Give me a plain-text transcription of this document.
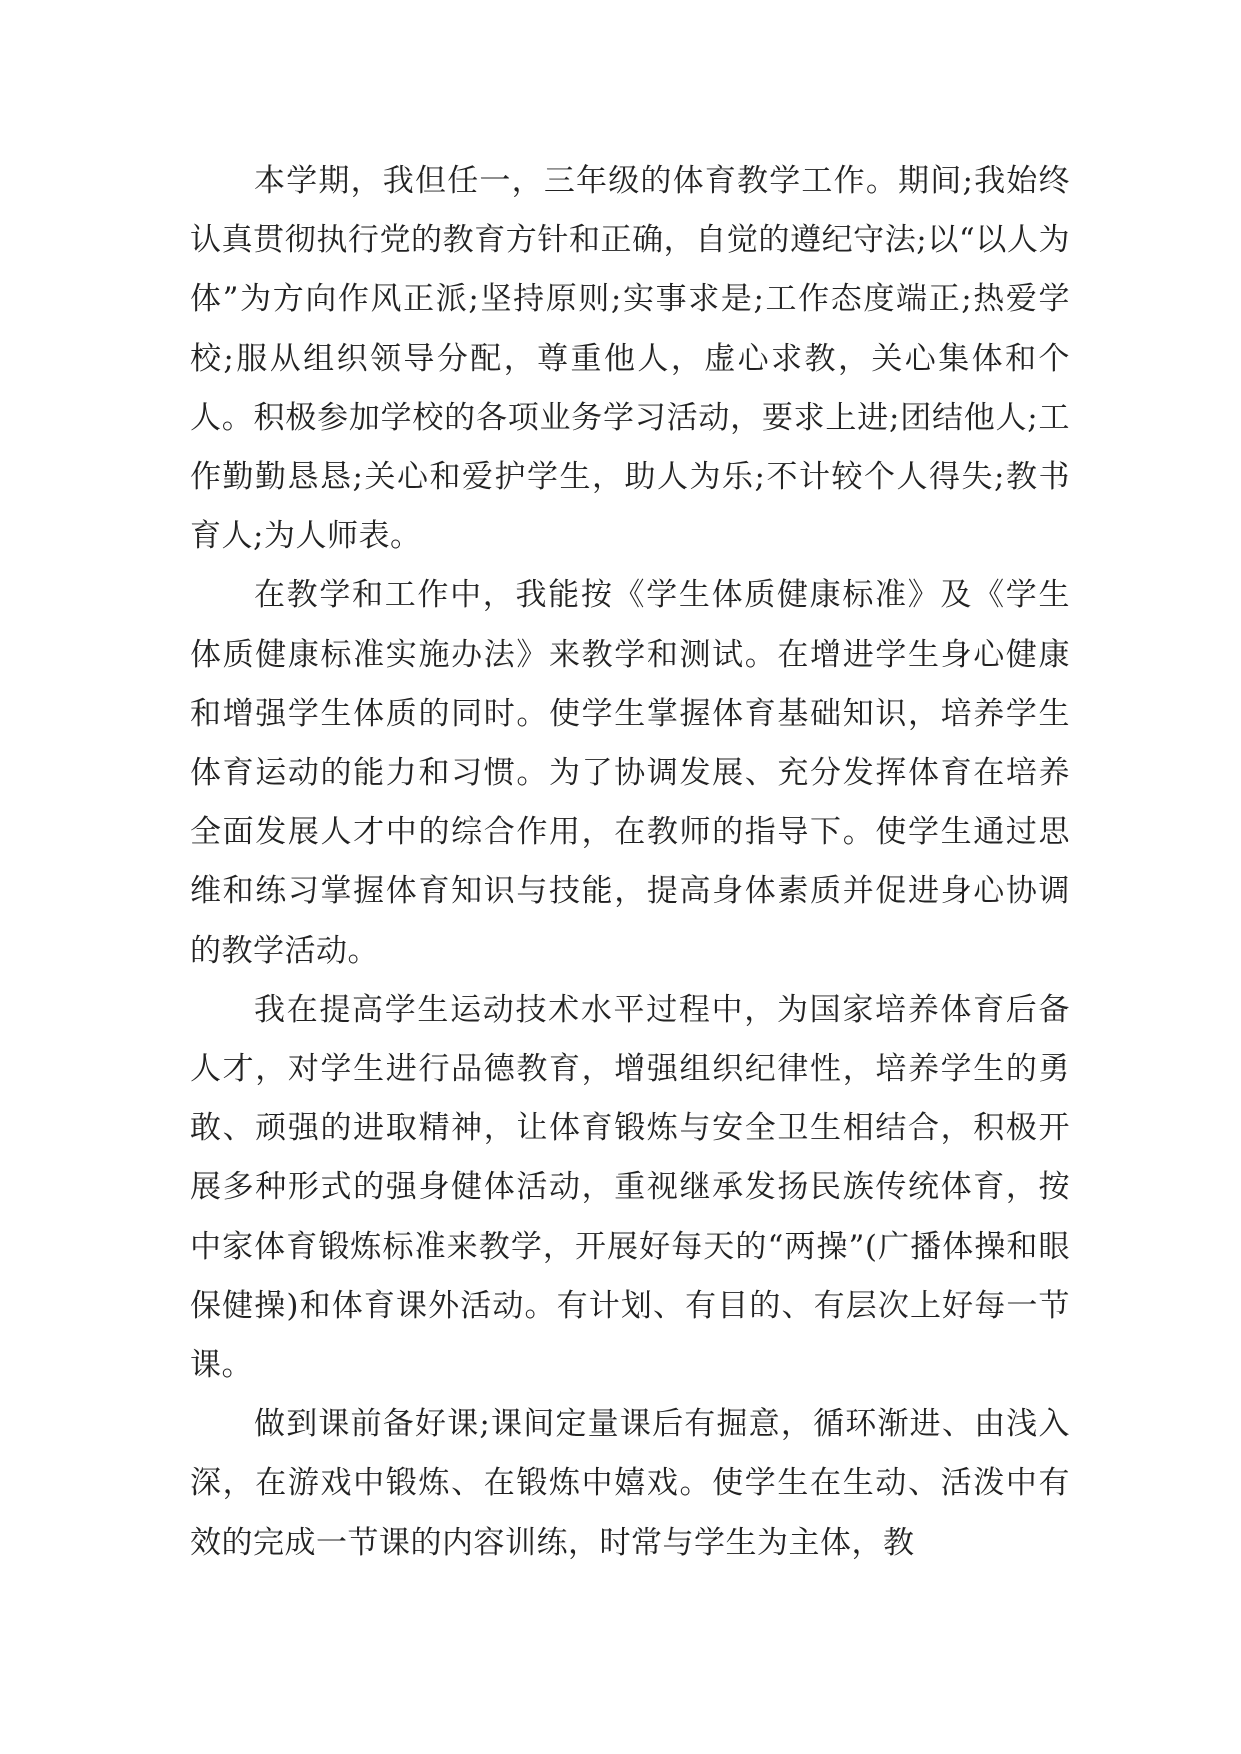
本学期，我但任一，三年级的体育教学工作。期间;我始终认真贯彻执行党的教育方针和正确，自觉的遵纪守法;以“以人为体”为方向作风正派;坚持原则;实事求是;工作态度端正;热爱学校;服从组织领导分配，尊重他人，虚心求教，关心集体和个人。积极参加学校的各项业务学习活动，要求上进;团结他人;工作勤勤恳恳;关心和爱护学生，助人为乐;不计较个人得失;教书育人;为人师表。

在教学和工作中，我能按《学生体质健康标准》及《学生体质健康标准实施办法》来教学和测试。在增进学生身心健康和增强学生体质的同时。使学生掌握体育基础知识，培养学生体育运动的能力和习惯。为了协调发展、充分发挥体育在培养全面发展人才中的综合作用，在教师的指导下。使学生通过思维和练习掌握体育知识与技能，提高身体素质并促进身心协调的教学活动。

我在提高学生运动技术水平过程中，为国家培养体育后备人才，对学生进行品德教育，增强组织纪律性，培养学生的勇敢、顽强的进取精神，让体育锻炼与安全卫生相结合，积极开展多种形式的强身健体活动，重视继承发扬民族传统体育，按中家体育锻炼标准来教学，开展好每天的“两操”(广播体操和眼保健操)和体育课外活动。有计划、有目的、有层次上好每一节课。

做到课前备好课;课间定量课后有掘意，循环渐进、由浅入深，在游戏中锻炼、在锻炼中嬉戏。使学生在生动、活泼中有效的完成一节课的内容训练，时常与学生为主体，教
